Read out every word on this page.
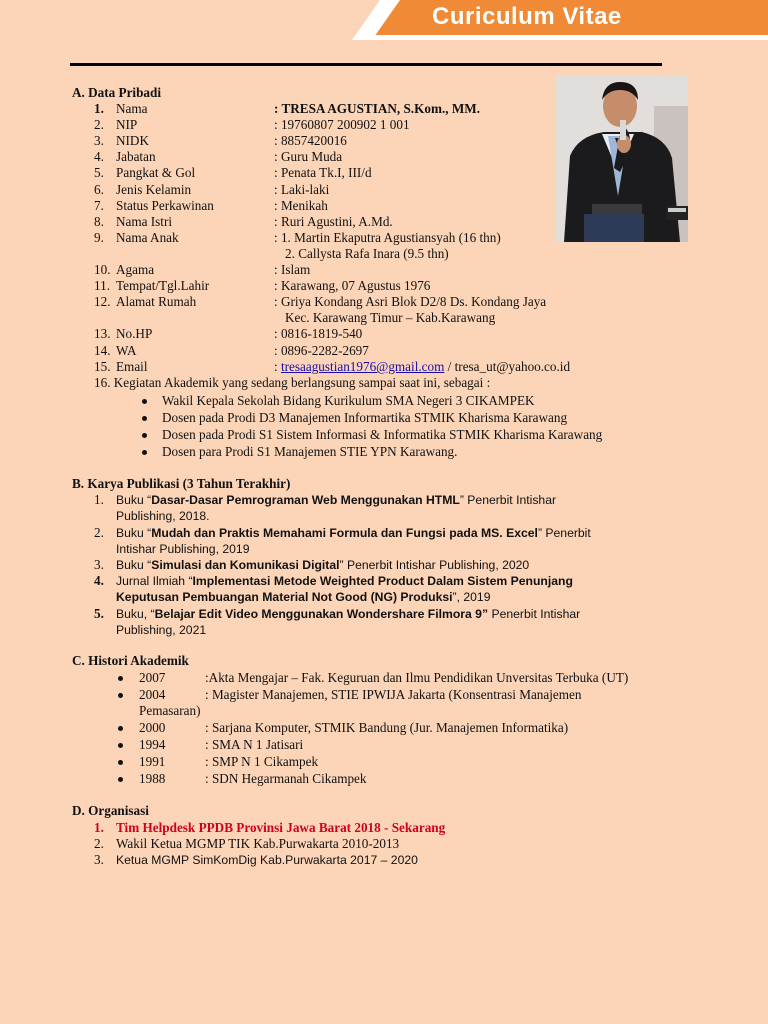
Curiculum Vitae
A. Data Pribadi
15. Email	: tresaagustian1976@gmail.com / tresa_ut@yahoo.co.id
16. Kegiatan Akademik yang sedang berlangsung sampai saat ini, sebagai :
B. Karya Publikasi (3 Tahun Terakhir)
C. Histori Akademik
D. Organisasi
1. Nama	: TRESA AGUSTIAN, S.Kom., MM.
2. NIP	: 19760807 200902 1 001
3. NIDK	: 8857420016
4. Jabatan	: Guru Muda
5. Pangkat & Gol	: Penata Tk.I, III/d
6. Jenis Kelamin	: Laki-laki
7. Status Perkawinan	: Menikah
8. Nama Istri	: Ruri Agustini, A.Md.
9. Nama Anak	: 1. Martin Ekaputra Agustiansyah (16 thn)
2. Callysta Rafa Inara (9.5 thn)
10. Agama	: Islam
11. Tempat/Tgl.Lahir	: Karawang, 07 Agustus 1976
12. Alamat Rumah	: Griya Kondang Asri Blok D2/8 Ds. Kondang Jaya
Kec. Karawang Timur – Kab.Karawang
13. No.HP	: 0816-1819-540
14. WA	: 0896-2282-2697
Wakil Kepala Sekolah Bidang Kurikulum SMA Negeri 3 CIKAMPEK
Dosen pada Prodi D3 Manajemen Informartika STMIK Kharisma Karawang
Dosen pada Prodi S1 Sistem Informasi & Informatika STMIK Kharisma Karawang
Dosen para Prodi S1 Manajemen STIE YPN Karawang.
1. Buku “Dasar-Dasar Pemrograman Web Menggunakan HTML” Penerbit Intishar
Publishing, 2018.
2. Buku “Mudah dan Praktis Memahami Formula dan Fungsi pada MS. Excel” Penerbit
Intishar Publishing, 2019
3. Buku “Simulasi dan Komunikasi Digital” Penerbit Intishar Publishing, 2020
4. Jurnal Ilmiah “Implementasi Metode Weighted Product Dalam Sistem Penunjang
Keputusan Pembuangan Material Not Good (NG) Produksi”, 2019
5. Buku, “Belajar Edit Video Menggunakan Wondershare Filmora 9” Penerbit Intishar
Publishing, 2021
2007	:Akta Mengajar – Fak. Keguruan dan Ilmu Pendidikan Unversitas Terbuka (UT)
2004	: Magister Manajemen, STIE IPWIJA Jakarta (Konsentrasi Manajemen
Pemasaran)
2000	: Sarjana Komputer, STMIK Bandung (Jur. Manajemen Informatika)
1994	: SMA N 1 Jatisari
1991	: SMP N 1 Cikampek
1988	: SDN Hegarmanah Cikampek
1. Tim Helpdesk PPDB Provinsi Jawa Barat 2018 - Sekarang
2. Wakil Ketua MGMP TIK Kab.Purwakarta 2010-2013
3. Ketua MGMP SimKomDig Kab.Purwakarta 2017 – 2020
